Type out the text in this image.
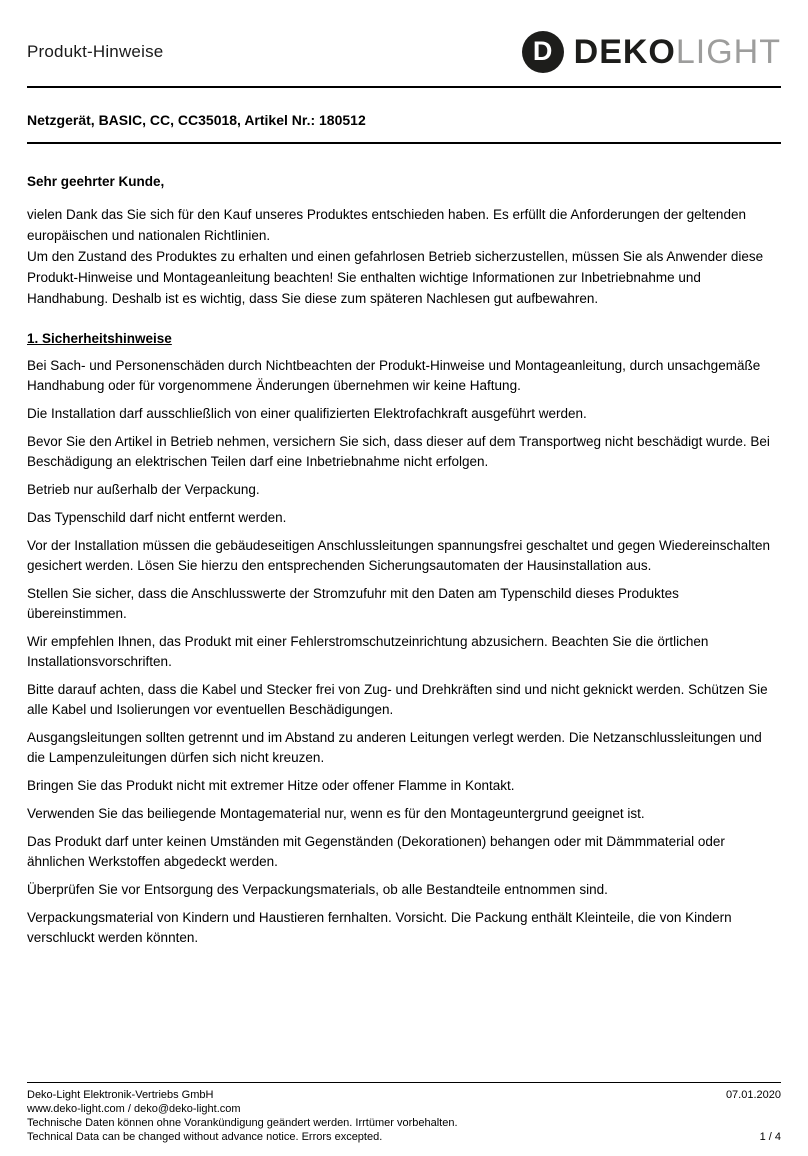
Produkt-Hinweise	D DEKOLIGHT
Netzgerät, BASIC, CC, CC35018, Artikel Nr.: 180512

Sehr geehrter Kunde,

vielen Dank das Sie sich für den Kauf unseres Produktes entschieden haben. Es erfüllt die Anforderungen der geltenden europäischen und nationalen Richtlinien.

Um den Zustand des Produktes zu erhalten und einen gefahrlosen Betrieb sicherzustellen, müssen Sie als Anwender diese Produkt-Hinweise und Montageanleitung beachten! Sie enthalten wichtige Informationen zur Inbetriebnahme und Handhabung. Deshalb ist es wichtig, dass Sie diese zum späteren Nachlesen gut aufbewahren.

1. Sicherheitshinweise

Bei Sach- und Personenschäden durch Nichtbeachten der Produkt-Hinweise und Montageanleitung, durch unsachgemäße Handhabung oder für vorgenommene Änderungen übernehmen wir keine Haftung.

Die Installation darf ausschließlich von einer qualifizierten Elektrofachkraft ausgeführt werden.

Bevor Sie den Artikel in Betrieb nehmen, versichern Sie sich, dass dieser auf dem Transportweg nicht beschädigt wurde. Bei Beschädigung an elektrischen Teilen darf eine Inbetriebnahme nicht erfolgen.

Betrieb nur außerhalb der Verpackung.

Das Typenschild darf nicht entfernt werden.

Vor der Installation müssen die gebäudeseitigen Anschlussleitungen spannungsfrei geschaltet und gegen Wiedereinschalten gesichert werden. Lösen Sie hierzu den entsprechenden Sicherungsautomaten der Hausinstallation aus.

Stellen Sie sicher, dass die Anschlusswerte der Stromzufuhr mit den Daten am Typenschild dieses Produktes übereinstimmen.

Wir empfehlen Ihnen, das Produkt mit einer Fehlerstromschutzeinrichtung abzusichern. Beachten Sie die örtlichen Installationsvorschriften.

Bitte darauf achten, dass die Kabel und Stecker frei von Zug- und Drehkräften sind und nicht geknickt werden. Schützen Sie alle Kabel und Isolierungen vor eventuellen Beschädigungen.

Ausgangsleitungen sollten getrennt und im Abstand zu anderen Leitungen verlegt werden. Die Netzanschlussleitungen und die Lampenzuleitungen dürfen sich nicht kreuzen.

Bringen Sie das Produkt nicht mit extremer Hitze oder offener Flamme in Kontakt.

Verwenden Sie das beiliegende Montagematerial nur, wenn es für den Montageuntergrund geeignet ist.

Das Produkt darf unter keinen Umständen mit Gegenständen (Dekorationen) behangen oder mit Dämmmaterial oder ähnlichen Werkstoffen abgedeckt werden.

Überprüfen Sie vor Entsorgung des Verpackungsmaterials, ob alle Bestandteile entnommen sind.

Verpackungsmaterial von Kindern und Haustieren fernhalten. Vorsicht. Die Packung enthält Kleinteile, die von Kindern verschluckt werden könnten.

Deko-Light Elektronik-Vertriebs GmbH
www.deko-light.com / deko@deko-light.com
Technische Daten können ohne Vorankündigung geändert werden. Irrtümer vorbehalten.
Technical Data can be changed without advance notice. Errors excepted.
07.01.2020
1 / 4
